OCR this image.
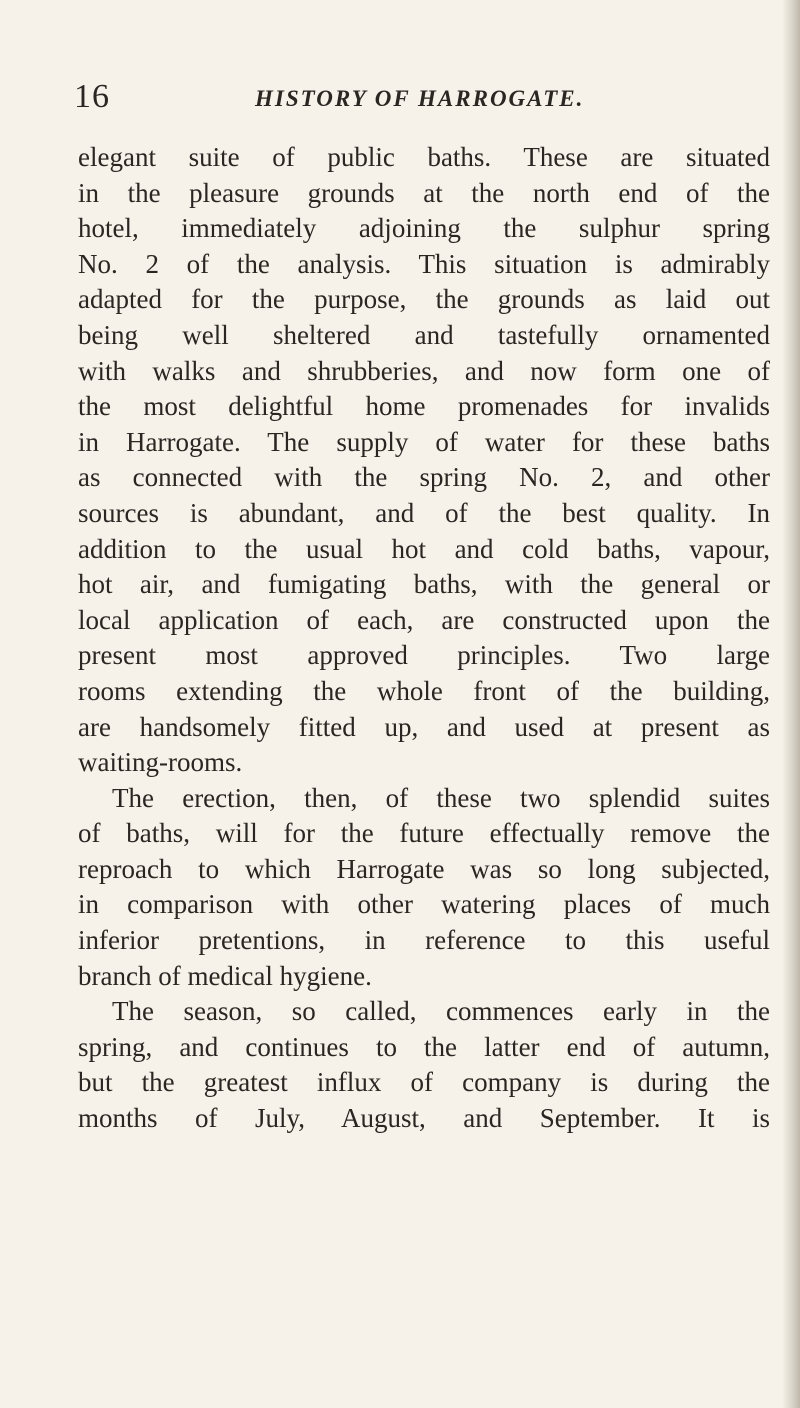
16	HISTORY OF HARROGATE.
elegant suite of public baths. These are situated
in the pleasure grounds at the north end of the
hotel, immediately adjoining the sulphur spring
No. 2 of the analysis. This situation is admirably
adapted for the purpose, the grounds as laid out
being well sheltered and tastefully ornamented
with walks and shrubberies, and now form one of
the most delightful home promenades for invalids
in Harrogate. The supply of water for these baths
as connected with the spring No. 2, and other
sources is abundant, and of the best quality. In
addition to the usual hot and cold baths, vapour,
hot air, and fumigating baths, with the general or
local application of each, are constructed upon the
present most approved principles. Two large
rooms extending the whole front of the building,
are handsomely fitted up, and used at present as
waiting-rooms.
The erection, then, of these two splendid suites
of baths, will for the future effectually remove the
reproach to which Harrogate was so long subjected,
in comparison with other watering places of much
inferior pretentions, in reference to this useful
branch of medical hygiene.
The season, so called, commences early in the
spring, and continues to the latter end of autumn,
but the greatest influx of company is during the
months of July, August, and September. It is
